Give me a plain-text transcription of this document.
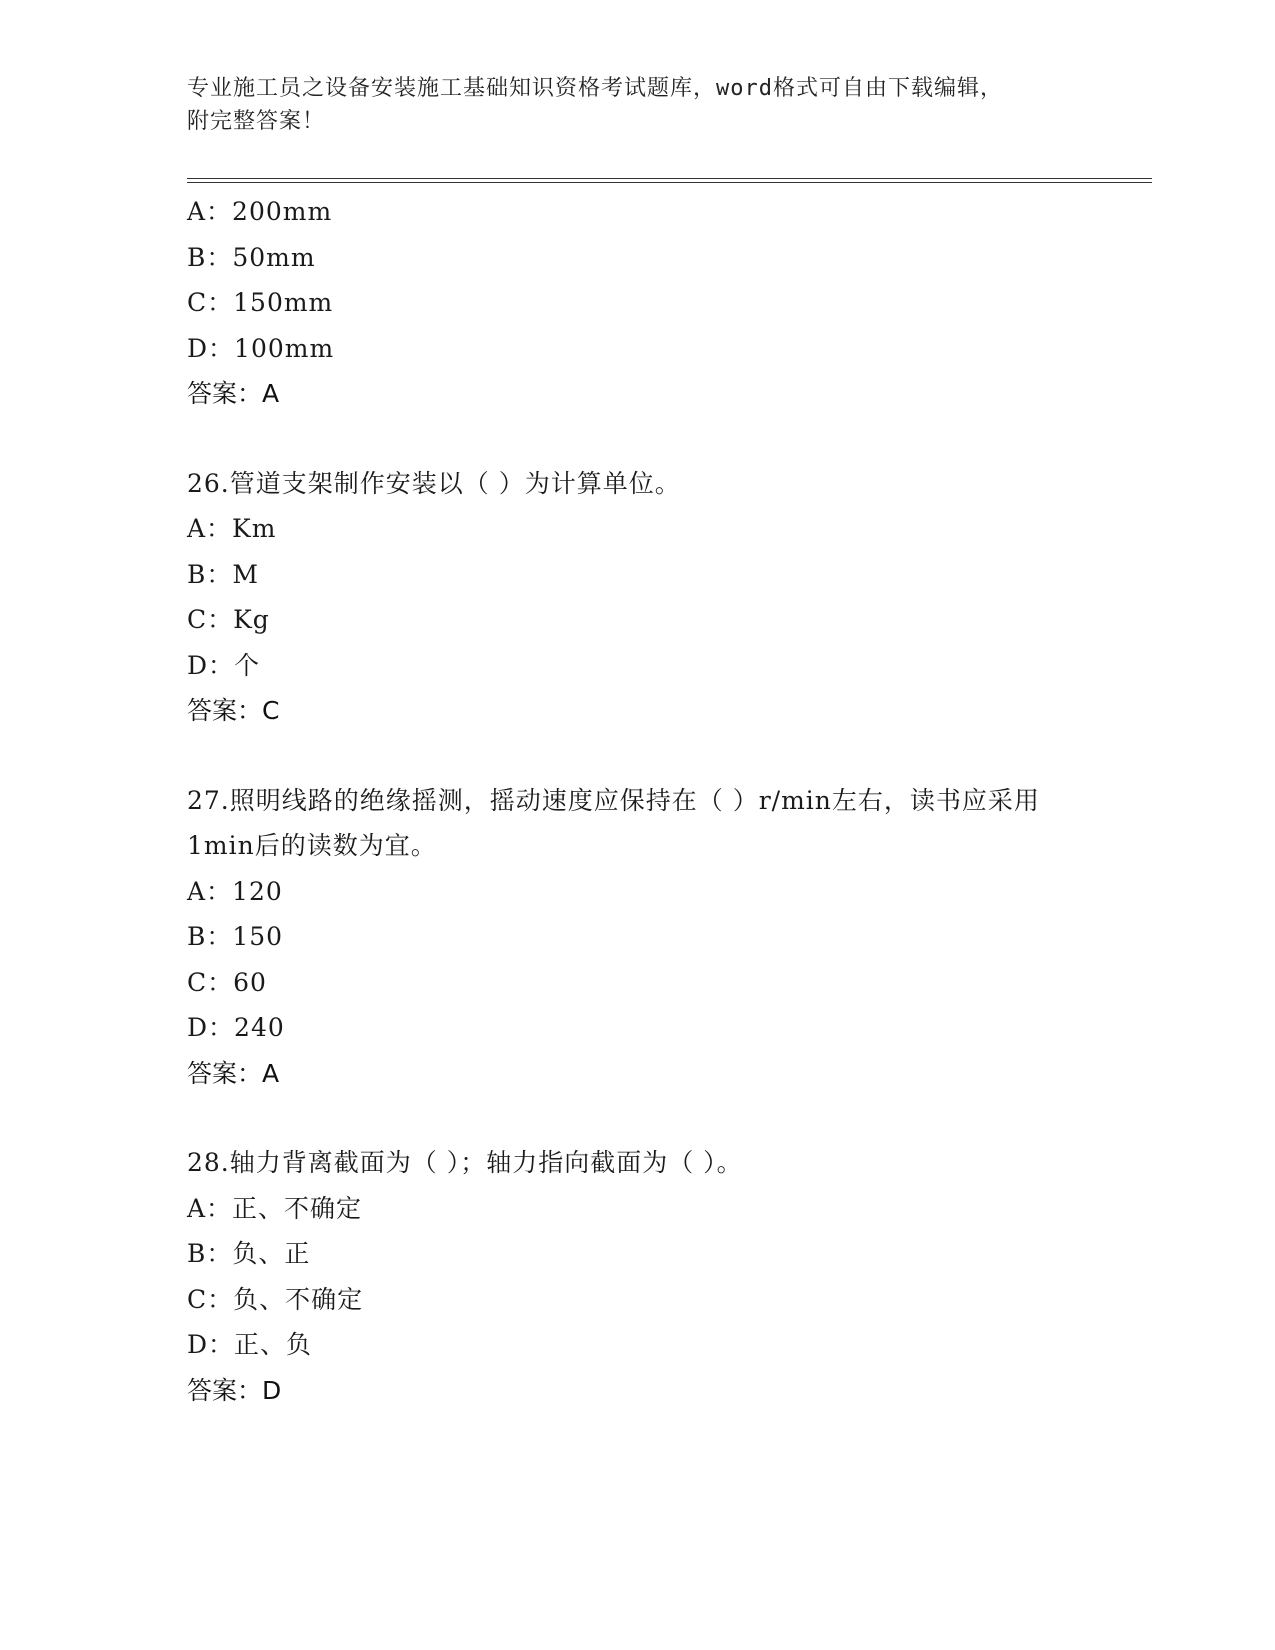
专业施工员之设备安装施工基础知识资格考试题库，word格式可自由下载编辑，
附完整答案！
A：200mm
B：50mm
C：150mm
D：100mm
答案：A
26.管道支架制作安装以（ ）为计算单位。
A：Km
B：M
C：Kg
D：个
答案：C
27.照明线路的绝缘摇测，摇动速度应保持在（ ）r/min左右，读书应采用1min后的读数为宜。
A：120
B：150
C：60
D：240
答案：A
28.轴力背离截面为（ ）；轴力指向截面为（ ）。
A：正、不确定
B：负、正
C：负、不确定
D：正、负
答案：D
